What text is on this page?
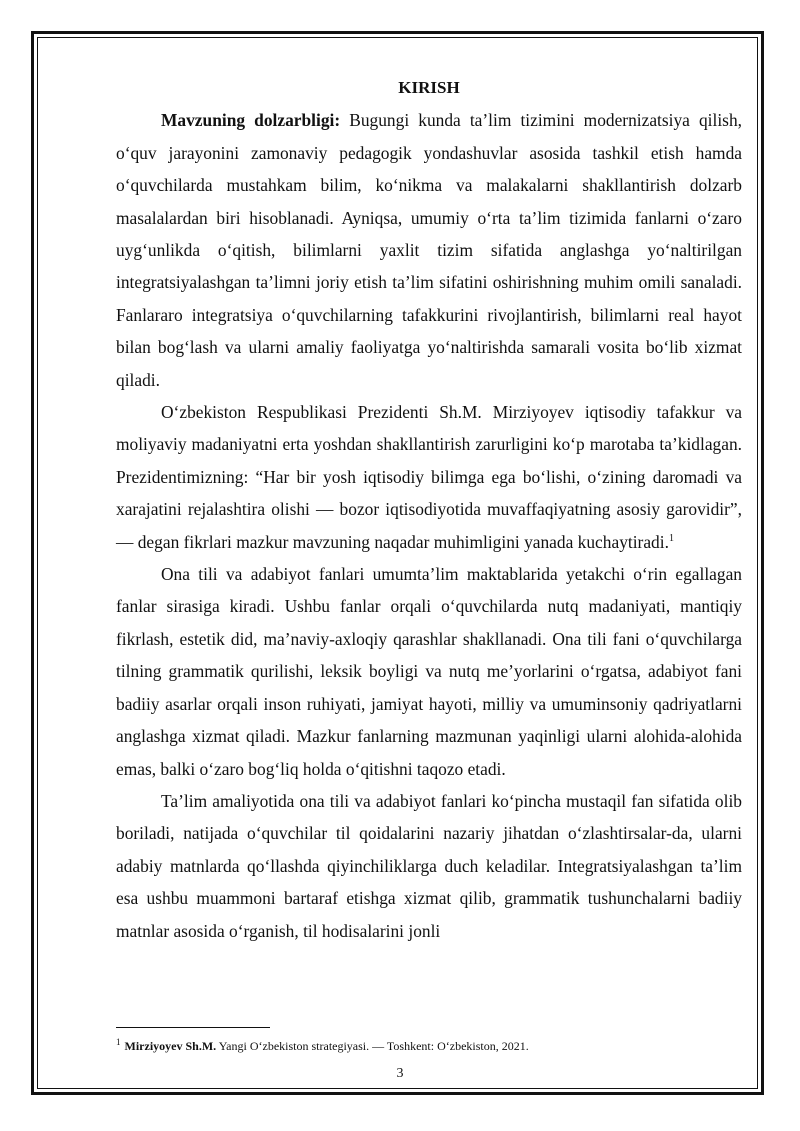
KIRISH

Mavzuning dolzarbligi: Bugungi kunda ta’lim tizimini modernizatsiya qilish, o‘quv jarayonini zamonaviy pedagogik yondashuvlar asosida tashkil etish hamda o‘quvchilarda mustahkam bilim, ko‘nikma va malakalarni shakllantirish dolzarb masalalardan biri hisoblanadi. Ayniqsa, umumiy o‘rta ta’lim tizimida fanlarni o‘zaro uyg‘unlikda o‘qitish, bilimlarni yaxlit tizim sifatida anglashga yo‘naltirilgan integratsiyalashgan ta’limni joriy etish ta’lim sifatini oshirishning muhim omili sanaladi. Fanlararo integratsiya o‘quvchilarning tafakkurini rivojlantirish, bilimlarni real hayot bilan bog‘lash va ularni amaliy faoliyatga yo‘naltirishda samarali vosita bo‘lib xizmat qiladi.

O‘zbekiston Respublikasi Prezidenti Sh.M. Mirziyoyev iqtisodiy tafakkur va moliyaviy madaniyatni erta yoshdan shakllantirish zarurligini ko‘p marotaba ta’kidlagan. Prezidentimizning: “Har bir yosh iqtisodiy bilimga ega bo‘lishi, o‘zining daromadi va xarajatini rejalashtira olishi — bozor iqtisodiyotida muvaffaqiyatning asosiy garovidir”, — degan fikrlari mazkur mavzuning naqadar muhimligini yanada kuchaytiradi.$^1$

Ona tili va adabiyot fanlari umumta’lim maktablarida yetakchi o‘rin egallagan fanlar sirasiga kiradi. Ushbu fanlar orqali o‘quvchilarda nutq madaniyati, mantiqiy fikrlash, estetik did, ma’naviy-axloqiy qarashlar shakllanadi. Ona tili fani o‘quvchilarga tilning grammatik qurilishi, leksik boyligi va nutq me’yorlarini o‘rgatsa, adabiyot fani badiiy asarlar orqali inson ruhiyati, jamiyat hayoti, milliy va umuminsoniy qadriyatlarni anglashga xizmat qiladi. Mazkur fanlarning mazmunan yaqinligi ularni alohida-alohida emas, balki o‘zaro bog‘liq holda o‘qitishni taqozo etadi.

Ta’lim amaliyotida ona tili va adabiyot fanlari ko‘pincha mustaqil fan sifatida olib boriladi, natijada o‘quvchilar til qoidalarini nazariy jihatdan o‘zlashtirsalar-da, ularni adabiy matnlarda qo‘llashda qiyinchiliklarga duch keladilar. Integratsiyalashgan ta’lim esa ushbu muammoni bartaraf etishga xizmat qilib, grammatik tushunchalarni badiiy matnlar asosida o‘rganish, til hodisalarini jonli

$^1$ Mirziyoyev Sh.M. Yangi O‘zbekiston strategiyasi. — Toshkent: O‘zbekiston, 2021.
3
